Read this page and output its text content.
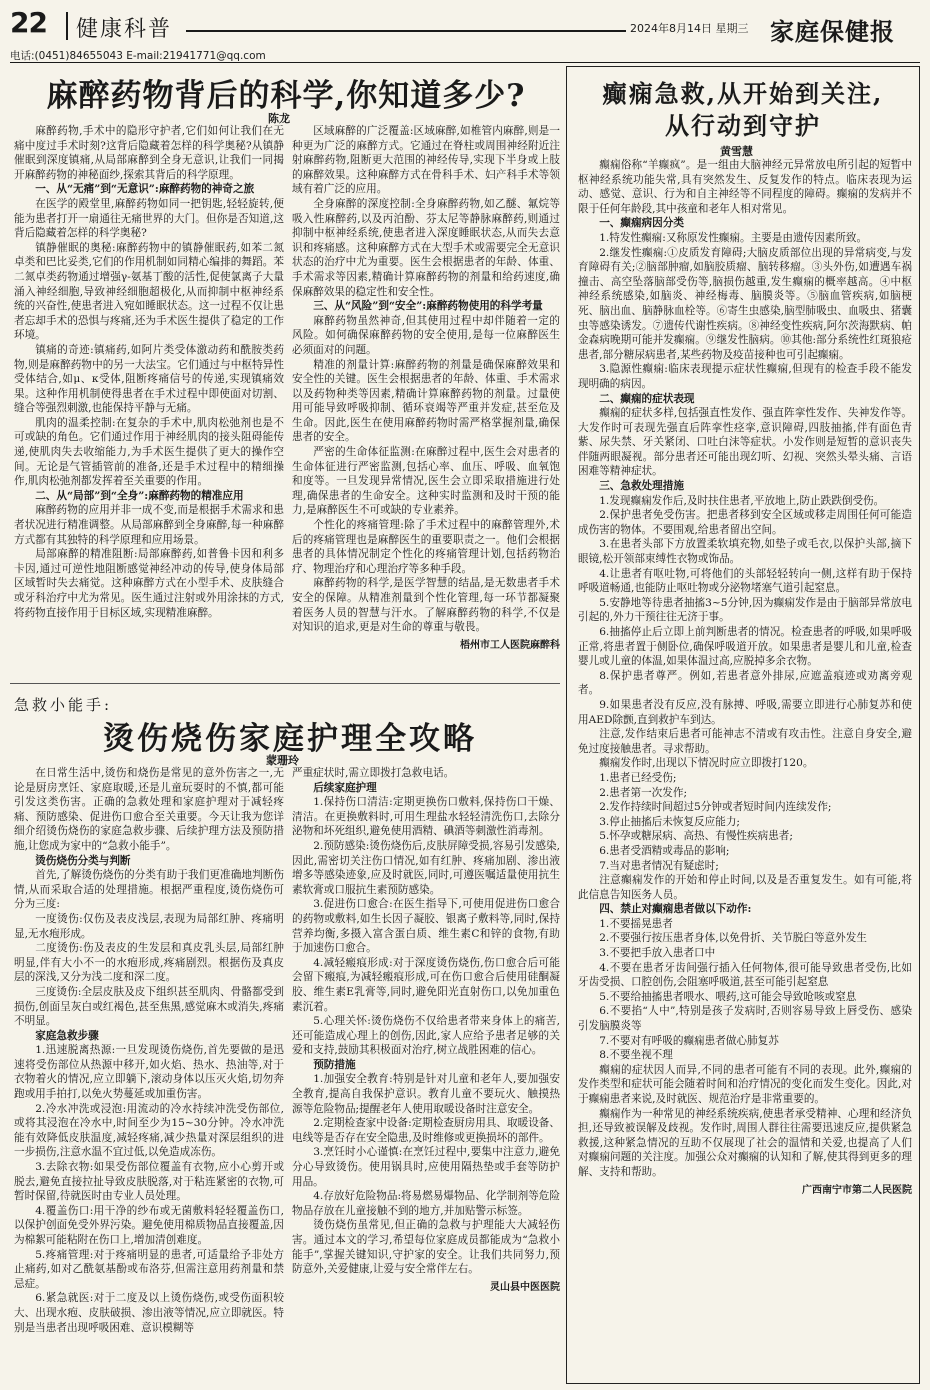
22 健康科普	2024年8月14日 星期三 家庭保健报
电话:(0451)84655043 E-mail:21941771@qq.com
麻醉药物背后的科学,你知道多少?
陈龙

麻醉药物,手术中的隐形守护者,它们如何让我们在无痛中度过手术时刻?这背后隐藏着怎样的科学奥秘?从镇静催眠到深度镇痛,从局部麻醉到全身无意识,让我们一同揭开麻醉药物的神秘面纱,探索其背后的科学原理。

一、从“无痛”到“无意识”:麻醉药物的神奇之旅

在医学的殿堂里,麻醉药物如同一把钥匙,轻轻旋转,便能为患者打开一扇通往无痛世界的大门。但你是否知道,这背后隐藏着怎样的科学奥秘?

镇静催眠的奥秘:麻醉药物中的镇静催眠药,如苯二氮卓类和巴比妥类,它们的作用机制如同精心编排的舞蹈。苯二氮卓类药物通过增强γ-氨基丁酸的活性,促使氯离子大量涌入神经细胞,导致神经细胞超极化,从而抑制中枢神经系统的兴奋性,使患者进入宛如睡眠状态。这一过程不仅让患者忘却手术的恐惧与疼痛,还为手术医生提供了稳定的工作环境。

镇痛的奇迹:镇痛药,如阿片类受体激动药和酰胺类药物,则是麻醉药物中的另一大法宝。它们通过与中枢特异性受体结合,如μ、κ受体,阻断疼痛信号的传递,实现镇痛效果。这种作用机制使得患者在手术过程中即使面对切割、缝合等强烈刺激,也能保持平静与无痛。

肌肉的温柔控制:在复杂的手术中,肌肉松弛剂也是不可或缺的角色。它们通过作用于神经肌肉的接头阻碍能传递,使肌肉失去收缩能力,为手术医生提供了更大的操作空间。无论是气管插管前的准备,还是手术过程中的精细操作,肌肉松弛剂都发挥着至关重要的作用。

二、从“局部”到“全身”:麻醉药物的精准应用

麻醉药物的应用并非一成不变,而是根据手术需求和患者状况进行精准调整。从局部麻醉到全身麻醉,每一种麻醉方式都有其独特的科学原理和应用场景。

局部麻醉的精准阻断:局部麻醉药,如普鲁卡因和利多卡因,通过可逆性地阻断感觉神经冲动的传导,使身体局部区域暂时失去痛觉。这种麻醉方式在小型手术、皮肤缝合或牙科治疗中尤为常见。医生通过注射或外用涂抹的方式,将药物直接作用于目标区域,实现精准麻醉。

区域麻醉的广泛覆盖:区域麻醉,如椎管内麻醉,则是一种更为广泛的麻醉方式。它通过在脊柱或周围神经附近注射麻醉药物,阻断更大范围的神经传导,实现下半身或上肢的麻醉效果。这种麻醉方式在骨科手术、妇产科手术等领域有着广泛的应用。

全身麻醉的深度控制:全身麻醉药物,如乙醚、氟烷等吸入性麻醉药,以及丙泊酚、芬太尼等静脉麻醉药,则通过抑制中枢神经系统,使患者进入深度睡眠状态,从而失去意识和疼痛感。这种麻醉方式在大型手术或需要完全无意识状态的治疗中尤为重要。医生会根据患者的年龄、体重、手术需求等因素,精确计算麻醉药物的剂量和给药速度,确保麻醉效果的稳定性和安全性。

三、从“风险”到“安全”:麻醉药物使用的科学考量

麻醉药物虽然神奇,但其使用过程中却伴随着一定的风险。如何确保麻醉药物的安全使用,是每一位麻醉医生必须面对的问题。

精准的剂量计算:麻醉药物的剂量是确保麻醉效果和安全性的关键。医生会根据患者的年龄、体重、手术需求以及药物种类等因素,精确计算麻醉药物的剂量。过量使用可能导致呼吸抑制、循环衰竭等严重并发症,甚至危及生命。因此,医生在使用麻醉药物时需严格掌握剂量,确保患者的安全。

严密的生命体征监测:在麻醉过程中,医生会对患者的生命体征进行严密监测,包括心率、血压、呼吸、血氧饱和度等。一旦发现异常情况,医生会立即采取措施进行处理,确保患者的生命安全。这种实时监测和及时干预的能力,是麻醉医生不可或缺的专业素养。

个性化的疼痛管理:除了手术过程中的麻醉管理外,术后的疼痛管理也是麻醉医生的重要职责之一。他们会根据患者的具体情况制定个性化的疼痛管理计划,包括药物治疗、物理治疗和心理治疗等多种手段。

麻醉药物的科学,是医学智慧的结晶,是无数患者手术安全的保障。从精准剂量到个性化管理,每一环节都凝聚着医务人员的智慧与汗水。了解麻醉药物的科学,不仅是对知识的追求,更是对生命的尊重与敬畏。

梧州市工人医院麻醉科

急救小能手:
烫伤烧伤家庭护理全攻略
蒙珊玲

在日常生活中,烫伤和烧伤是常见的意外伤害之一,无论是厨房烹饪、家庭取暖,还是儿童玩耍时的不慎,都可能引发这类伤害。正确的急救处理和家庭护理对于减轻疼痛、预防感染、促进伤口愈合至关重要。今天让我为您详细介绍烫伤烧伤的家庭急救步骤、后续护理方法及预防措施,让您成为家中的“急救小能手”。

烫伤烧伤分类与判断

首先,了解烫伤烧伤的分类有助于我们更准确地判断伤情,从而采取合适的处理措施。根据严重程度,烫伤烧伤可分为三度:

一度烫伤:仅伤及表皮浅层,表现为局部红肿、疼痛明显,无水疱形成。

二度烫伤:伤及表皮的生发层和真皮乳头层,局部红肿明显,伴有大小不一的水疱形成,疼痛剧烈。根据伤及真皮层的深浅,又分为浅二度和深二度。

三度烫伤:全层皮肤及皮下组织甚至肌肉、骨骼都受到损伤,创面呈灰白或红褐色,甚至焦黑,感觉麻木或消失,疼痛不明显。

家庭急救步骤

1.迅速脱离热源:一旦发现烫伤烧伤,首先要做的是迅速将受伤部位从热源中移开,如火焰、热水、热油等,对于衣物着火的情况,应立即躺下,滚动身体以压灭火焰,切勿奔跑或用手拍打,以免火势蔓延或加重伤害。

2.冷水冲洗或浸泡:用流动的冷水持续冲洗受伤部位,或将其浸泡在冷水中,时间至少为15~30分钟。冷水冲洗能有效降低皮肤温度,减轻疼痛,减少热量对深层组织的进一步损伤,注意水温不宜过低,以免造成冻伤。

3.去除衣物:如果受伤部位覆盖有衣物,应小心剪开或脱去,避免直接拉扯导致皮肤脱落,对于粘连紧密的衣物,可暂时保留,待就医时由专业人员处理。

4.覆盖伤口:用干净的纱布或无菌敷料轻轻覆盖伤口,以保护创面免受外界污染。避免使用棉质物品直接覆盖,因为棉絮可能粘附在伤口上,增加清创难度。

5.疼痛管理:对于疼痛明显的患者,可适量给予非处方止痛药,如对乙酰氨基酚或布洛芬,但需注意用药剂量和禁忌症。

6.紧急就医:对于二度及以上烫伤烧伤,或受伤面积较大、出现水疱、皮肤破损、渗出液等情况,应立即就医。特别是当患者出现呼吸困难、意识模糊等

严重症状时,需立即拨打急救电话。

后续家庭护理

1.保持伤口清洁:定期更换伤口敷料,保持伤口干燥、清洁。在更换敷料时,可用生理盐水轻轻清洗伤口,去除分泌物和坏死组织,避免使用酒精、碘酒等刺激性消毒剂。

2.预防感染:烫伤烧伤后,皮肤屏障受损,容易引发感染,因此,需密切关注伤口情况,如有红肿、疼痛加剧、渗出液增多等感染迹象,应及时就医,同时,可遵医嘱适量使用抗生素软膏或口服抗生素预防感染。

3.促进伤口愈合:在医生指导下,可使用促进伤口愈合的药物或敷料,如生长因子凝胶、银离子敷料等,同时,保持营养均衡,多摄入富含蛋白质、维生素C和锌的食物,有助于加速伤口愈合。

4.减轻瘢痕形成:对于深度烫伤烧伤,伤口愈合后可能会留下瘢痕,为减轻瘢痕形成,可在伤口愈合后使用硅酮凝胶、维生素E乳膏等,同时,避免阳光直射伤口,以免加重色素沉着。

5.心理关怀:烫伤烧伤不仅给患者带来身体上的痛苦,还可能造成心理上的创伤,因此,家人应给予患者足够的关爱和支持,鼓励其积极面对治疗,树立战胜困难的信心。

预防措施

1.加强安全教育:特别是针对儿童和老年人,要加强安全教育,提高自我保护意识。教育儿童不要玩火、触摸热源等危险物品;提醒老年人使用取暖设备时注意安全。

2.定期检查家中设备:定期检查厨房用具、取暖设备、电线等是否存在安全隐患,及时维修或更换损坏的部件。

3.烹饪时小心谨慎:在烹饪过程中,要集中注意力,避免分心导致烫伤。使用锅具时,应使用隔热垫或手套等防护用品。

4.存放好危险物品:将易燃易爆物品、化学制剂等危险物品存放在儿童接触不到的地方,并加贴警示标签。

烫伤烧伤虽常见,但正确的急救与护理能大大减轻伤害。通过本文的学习,希望每位家庭成员都能成为“急救小能手”,掌握关键知识,守护家的安全。让我们共同努力,预防意外,关爱健康,让爱与安全常伴左右。

灵山县中医医院

癫痫急救,从开始到关注,
从行动到守护
黄雪慧

癫痫俗称“羊癫疯”。是一组由大脑神经元异常放电所引起的短暂中枢神经系统功能失常,具有突然发生、反复发作的特点。临床表现为运动、感觉、意识、行为和自主神经等不同程度的障碍。癫痫的发病并不限于任何年龄段,其中孩童和老年人相对常见。

一、癫痫病因分类

1.特发性癫痫:又称原发性癫痫。主要是由遗传因素所致。

2.继发性癫痫:①皮质发育障碍;大脑皮质部位出现的异常病变,与发育障碍有关;②脑部肿瘤,如脑胶质瘤、脑转移瘤。③头外伤,如遭遇车祸撞击、高空坠落脑部受伤等,脑损伤越重,发生癫痫的概率越高。④中枢神经系统感染,如脑炎、神经梅毒、脑膜炎等。⑤脑血管疾病,如脑梗死、脑出血、脑静脉血栓等。⑥寄生虫感染,脑型肺吸虫、血吸虫、猪囊虫等感染诱发。⑦遗传代谢性疾病。⑧神经变性疾病,阿尔茨海默病、帕金森病晚期可能并发癫痫。⑨继发性脑病。⑩其他:部分系统性红斑狼疮患者,部分糖尿病患者,某些药物及疫苗接种也可引起癫痫。

3.隐源性癫痫:临床表现提示症状性癫痫,但现有的检查手段不能发现明确的病因。

二、癫痫的症状表现

癫痫的症状多样,包括强直性发作、强直阵挛性发作、失神发作等。大发作时可表现先强直后阵挛性痉挛,意识障碍,四肢抽搐,伴有面色青紫、尿失禁、牙关紧闭、口吐白沫等症状。小发作则是短暂的意识丧失伴随两眼凝视。部分患者还可能出现幻听、幻视、突然头晕头痛、言语困难等精神症状。

三、急救处理措施

1.发现癫痫发作后,及时扶住患者,平放地上,防止跌跌倒受伤。

2.保护患者免受伤害。把患者移到安全区域或移走周围任何可能造成伤害的物体。不要围观,给患者留出空间。

3.在患者头部下方放置柔软填充物,如垫子或毛衣,以保护头部,摘下眼镜,松开领部束缚性衣物或饰品。

4.让患者有呕吐物,可将他们的头部轻轻转向一侧,这样有助于保持呼吸道畅通,也能防止呕吐物或分泌物堵塞气道引起窒息。

5.安静地等待患者抽搐3~5分钟,因为癫痫发作是由于脑部异常放电引起的,外力干预往往无济于事。

6.抽搐停止后立即上前判断患者的情况。检查患者的呼吸,如果呼吸正常,将患者置于侧卧位,确保呼吸道开放。如果患者是婴儿和儿童,检查婴儿或儿童的体温,如果体温过高,应脱掉多余衣物。

8.保护患者尊严。例如,若患者意外排尿,应遮盖痕迹或劝离旁观者。

9.如果患者没有反应,没有脉搏、呼吸,需要立即进行心肺复苏和使用AED除颤,直到救护车到达。

注意,发作结束后患者可能神志不清或有攻击性。注意自身安全,避免过度接触患者。寻求帮助。

癫痫发作时,出现以下情况时应立即拨打120。

1.患者已经受伤;

2.患者第一次发作;

2.发作持续时间超过5分钟或者短时间内连续发作;

3.停止抽搐后未恢复反应能力;

5.怀孕或糖尿病、高热、有慢性疾病患者;

6.患者受酒精或毒品的影响;

7.当对患者情况有疑虑时;

注意癫痫发作的开始和停止时间,以及是否重复发生。如有可能,将此信息告知医务人员。

四、禁止对癫痫患者做以下动作:

1.不要摇晃患者

2.不要强行按压患者身体,以免骨折、关节脱臼等意外发生

3.不要把手放入患者口中

4.不要在患者牙齿间强行插入任何物体,很可能导致患者受伤,比如牙齿受损、口腔创伤,会阻塞呼吸道,甚至可能引起窒息

5.不要给抽搐患者喂水、喂药,这可能会导致呛咳或窒息

6.不要掐“人中”,特别是孩子发病时,否则容易导致上唇受伤、感染引发脑膜炎等

7.不要对有呼吸的癫痫患者做心肺复苏

8.不要坐视不理

癫痫的症状因人而异,不同的患者可能有不同的表现。此外,癫痫的发作类型和症状可能会随着时间和治疗情况的变化而发生变化。因此,对于癫痫患者来说,及时就医、规范治疗是非常重要的。

癫痫作为一种常见的神经系统疾病,使患者承受精神、心理和经济负担,还导致被误解及歧视。发作时,周围人群往往需要迅速反应,提供紧急救援,这种紧急情况的互助不仅展现了社会的温情和关爱,也提高了人们对癫痫问题的关注度。加强公众对癫痫的认知和了解,使其得到更多的理解、支持和帮助。

广西南宁市第二人民医院
